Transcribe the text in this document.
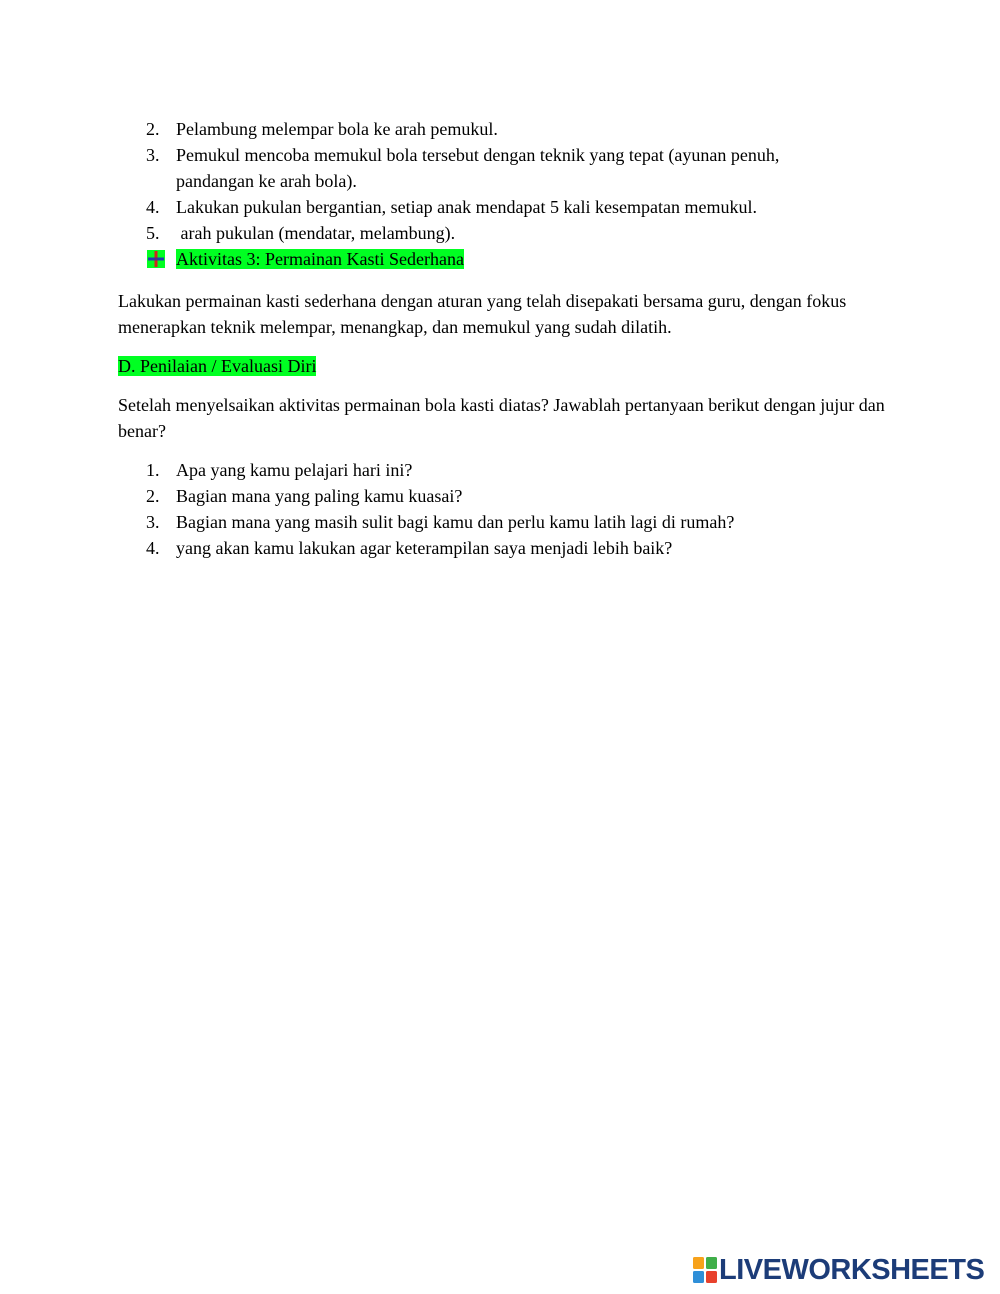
2. Pelambung melempar bola ke arah pemukul.
3. Pemukul mencoba memukul bola tersebut dengan teknik yang tepat (ayunan penuh, pandangan ke arah bola).
4. Lakukan pukulan bergantian, setiap anak mendapat 5 kali kesempatan memukul.
5. arah pukulan (mendatar, melambung).
Aktivitas 3: Permainan Kasti Sederhana

Lakukan permainan kasti sederhana dengan aturan yang telah disepakati bersama guru, dengan fokus menerapkan teknik melempar, menangkap, dan memukul yang sudah dilatih.

D. Penilaian / Evaluasi Diri

Setelah menyelsaikan aktivitas permainan bola kasti diatas? Jawablah pertanyaan berikut dengan jujur dan benar?

1. Apa yang kamu pelajari hari ini?
2. Bagian mana yang paling kamu kuasai?
3. Bagian mana yang masih sulit bagi kamu dan perlu kamu latih lagi di rumah?
4. yang akan kamu lakukan agar keterampilan saya menjadi lebih baik?
LIVEWORKSHEETS
